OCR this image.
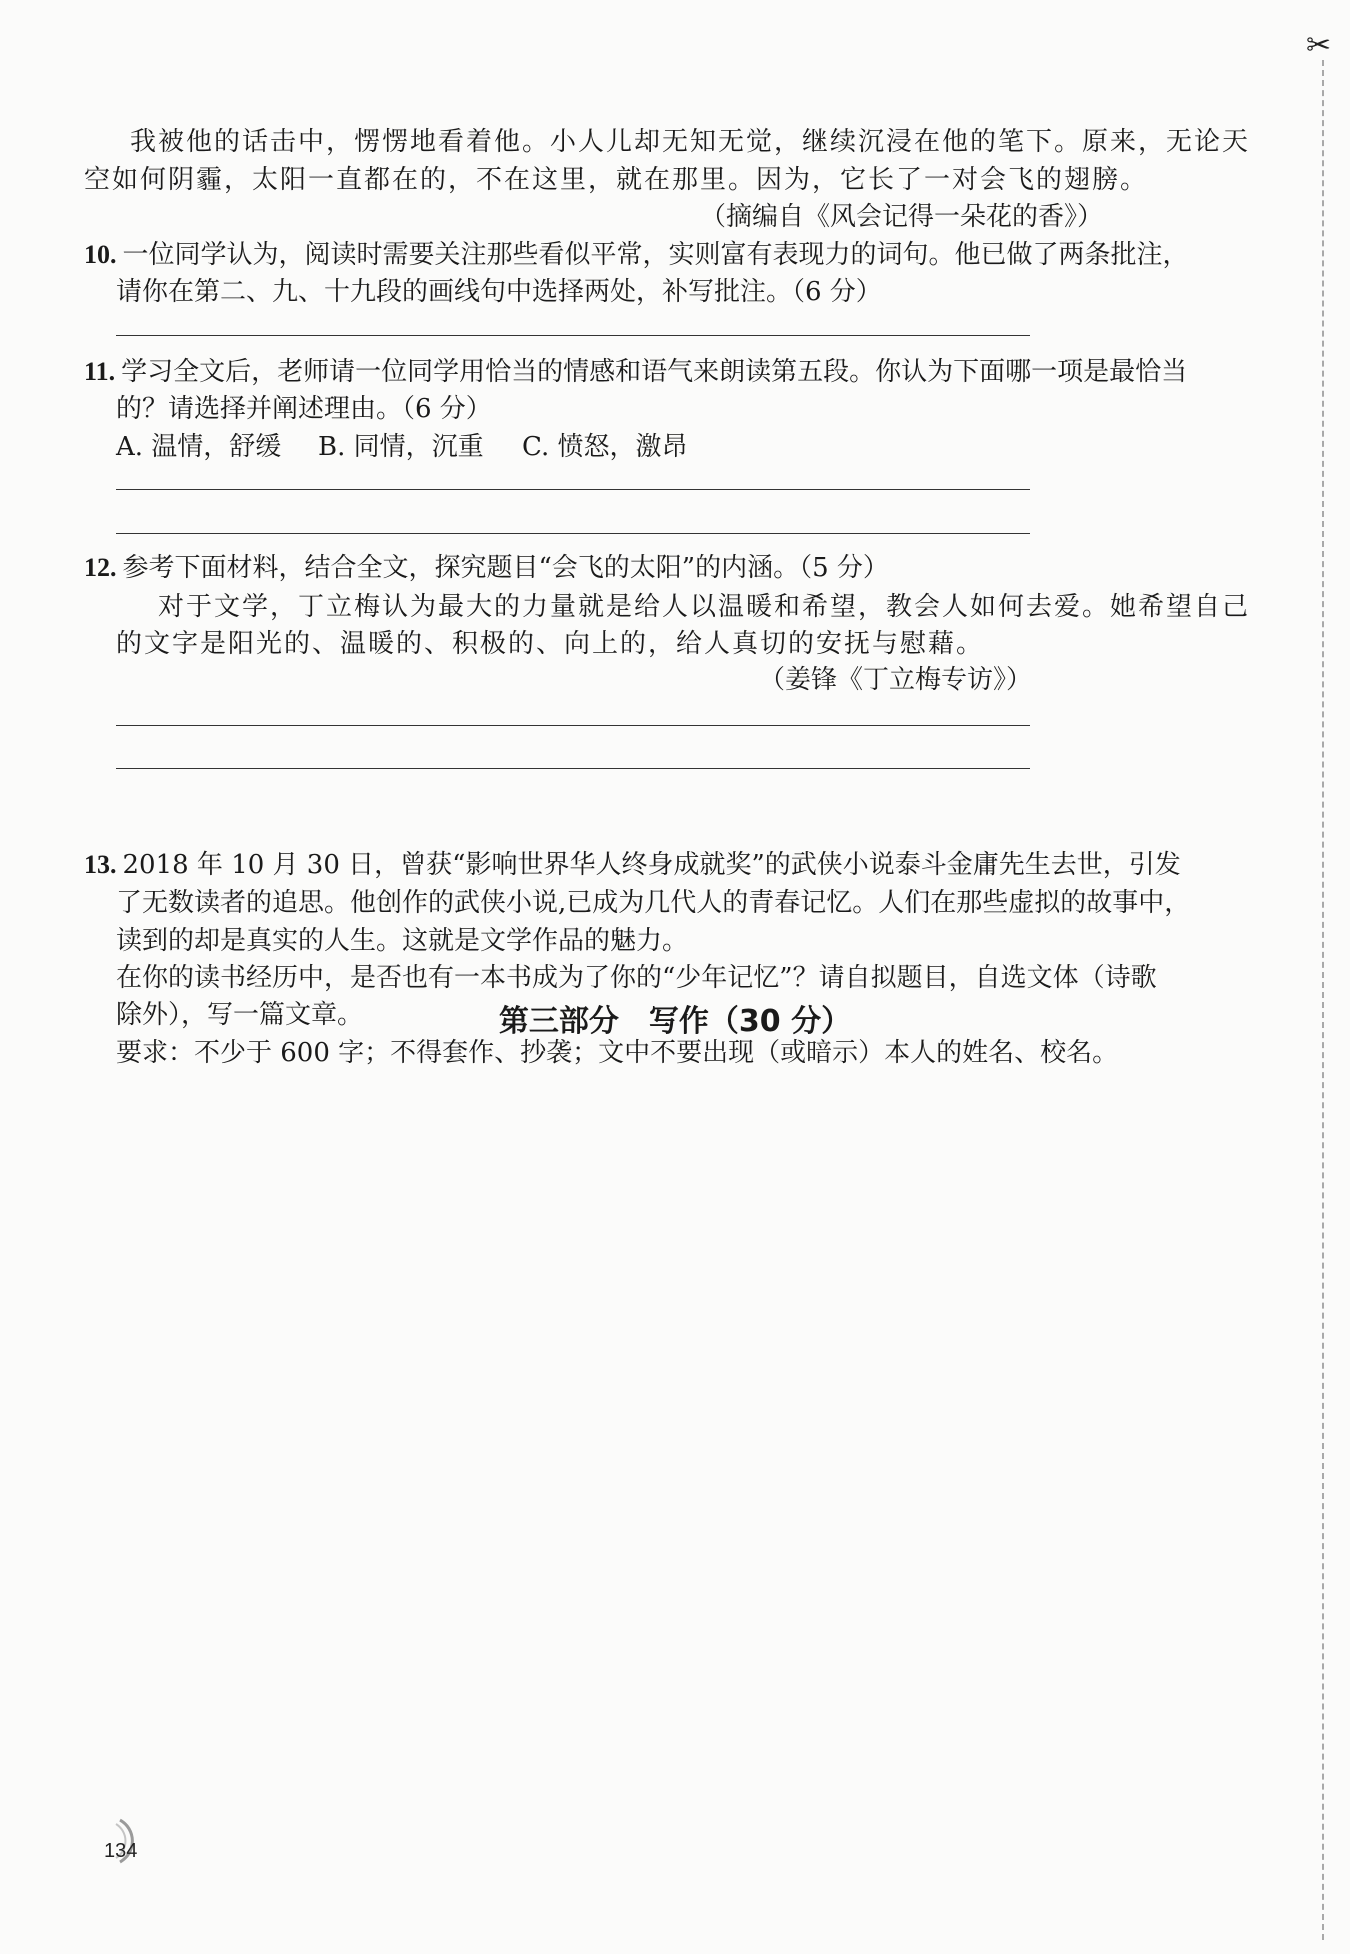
✂
我被他的话击中，愣愣地看着他。小人儿却无知无觉，继续沉浸在他的笔下。原来，无论天
空如何阴霾，太阳一直都在的，不在这里，就在那里。因为，它长了一对会飞的翅膀。
（摘编自《风会记得一朵花的香》）
10. 一位同学认为，阅读时需要关注那些看似平常，实则富有表现力的词句。他已做了两条批注，
请你在第二、九、十九段的画线句中选择两处，补写批注。（6 分）
11. 学习全文后，老师请一位同学用恰当的情感和语气来朗读第五段。你认为下面哪一项是最恰当
的？请选择并阐述理由。（6 分）
A. 温情，舒缓 B. 同情，沉重 C. 愤怒，激昂
12. 参考下面材料，结合全文，探究题目“会飞的太阳”的内涵。（5 分）
对于文学，丁立梅认为最大的力量就是给人以温暖和希望，教会人如何去爱。她希望自己
的文字是阳光的、温暖的、积极的、向上的，给人真切的安抚与慰藉。
（姜锋《丁立梅专访》）
第三部分　写作（30 分）
13. 2018 年 10 月 30 日，曾获“影响世界华人终身成就奖”的武侠小说泰斗金庸先生去世，引发
了无数读者的追思。他创作的武侠小说,已成为几代人的青春记忆。人们在那些虚拟的故事中，
读到的却是真实的人生。这就是文学作品的魅力。
在你的读书经历中，是否也有一本书成为了你的“少年记忆”？请自拟题目，自选文体（诗歌
除外），写一篇文章。
要求：不少于 600 字；不得套作、抄袭；文中不要出现（或暗示）本人的姓名、校名。
134
